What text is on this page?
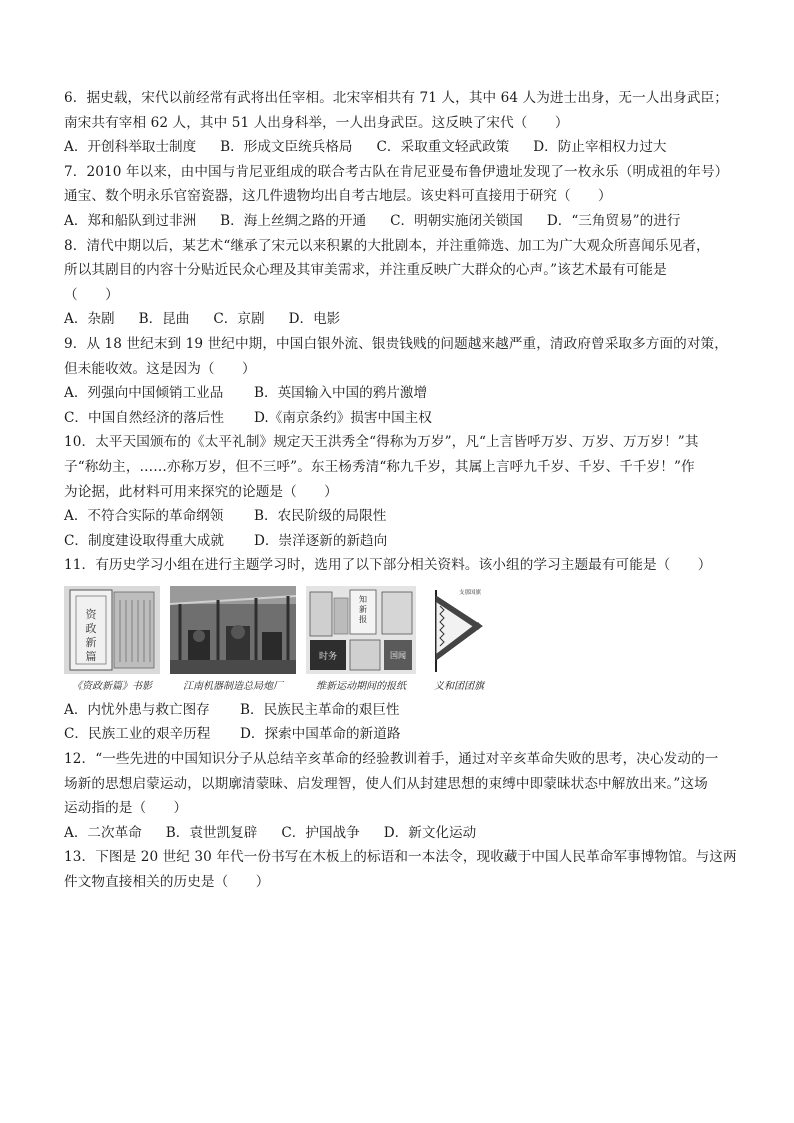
6．据史载，宋代以前经常有武将出任宰相。北宋宰相共有 71 人，其中 64 人为进士出身，无一人出身武臣；
南宋共有宰相 62 人，其中 51 人出身科举，一人出身武臣。这反映了宋代（　　）
A．开创科举取士制度 B．形成文臣统兵格局 C．采取重文轻武政策 D．防止宰相权力过大
7．2010 年以来，由中国与肯尼亚组成的联合考古队在肯尼亚曼布鲁伊遗址发现了一枚永乐（明成祖的年号）
通宝、数个明永乐官窑瓷器，这几件遗物均出自考古地层。该史料可直接用于研究（　　）
A．郑和船队到过非洲 B．海上丝绸之路的开通 C．明朝实施闭关锁国 D．“三角贸易”的进行
8．清代中期以后，某艺术“继承了宋元以来积累的大批剧本，并注重筛选、加工为广大观众所喜闻乐见者，
所以其剧目的内容十分贴近民众心理及其审美需求，并注重反映广大群众的心声。”该艺术最有可能是
（　　）
A．杂剧 B．昆曲 C．京剧 D．电影
9．从 18 世纪末到 19 世纪中期，中国白银外流、银贵钱贱的问题越来越严重，清政府曾采取多方面的对策，
但未能收效。这是因为（　　）
A．列强向中国倾销工业品	B．英国输入中国的鸦片激增
C．中国自然经济的落后性	D.《南京条约》损害中国主权
10．太平天国颁布的《太平礼制》规定天王洪秀全“得称为万岁”，凡“上言皆呼万岁、万岁、万万岁！”其
子“称幼主，……亦称万岁，但不三呼”。东王杨秀清“称九千岁，其属上言呼九千岁、千岁、千千岁！”作
为论据，此材料可用来探究的论题是（　　）
A．不符合实际的革命纲领	B．农民阶级的局限性
C．制度建设取得重大成就	D．崇洋逐新的新趋向
11．有历史学习小组在进行主题学习时，选用了以下部分相关资料。该小组的学习主题最有可能是（　　）
资
政
新
篇
《资政新篇》书影	江南机器制造总局炮厂
知
新
报
时务	国闻
维新运动期间的报纸
支那国旗
义和团团旗
A．内忧外患与救亡图存	B．民族民主革命的艰巨性
C．民族工业的艰辛历程	D．探索中国革命的新道路
12．“一些先进的中国知识分子从总结辛亥革命的经验教训着手，通过对辛亥革命失败的思考，决心发动的一
场新的思想启蒙运动，以期廓清蒙昧、启发理智，使人们从封建思想的束缚中即蒙昧状态中解放出来。”这场
运动指的是（　　）
A．二次革命 B．袁世凯复辟 C．护国战争 D．新文化运动
13．下图是 20 世纪 30 年代一份书写在木板上的标语和一本法令，现收藏于中国人民革命军事博物馆。与这两
件文物直接相关的历史是（　　）
